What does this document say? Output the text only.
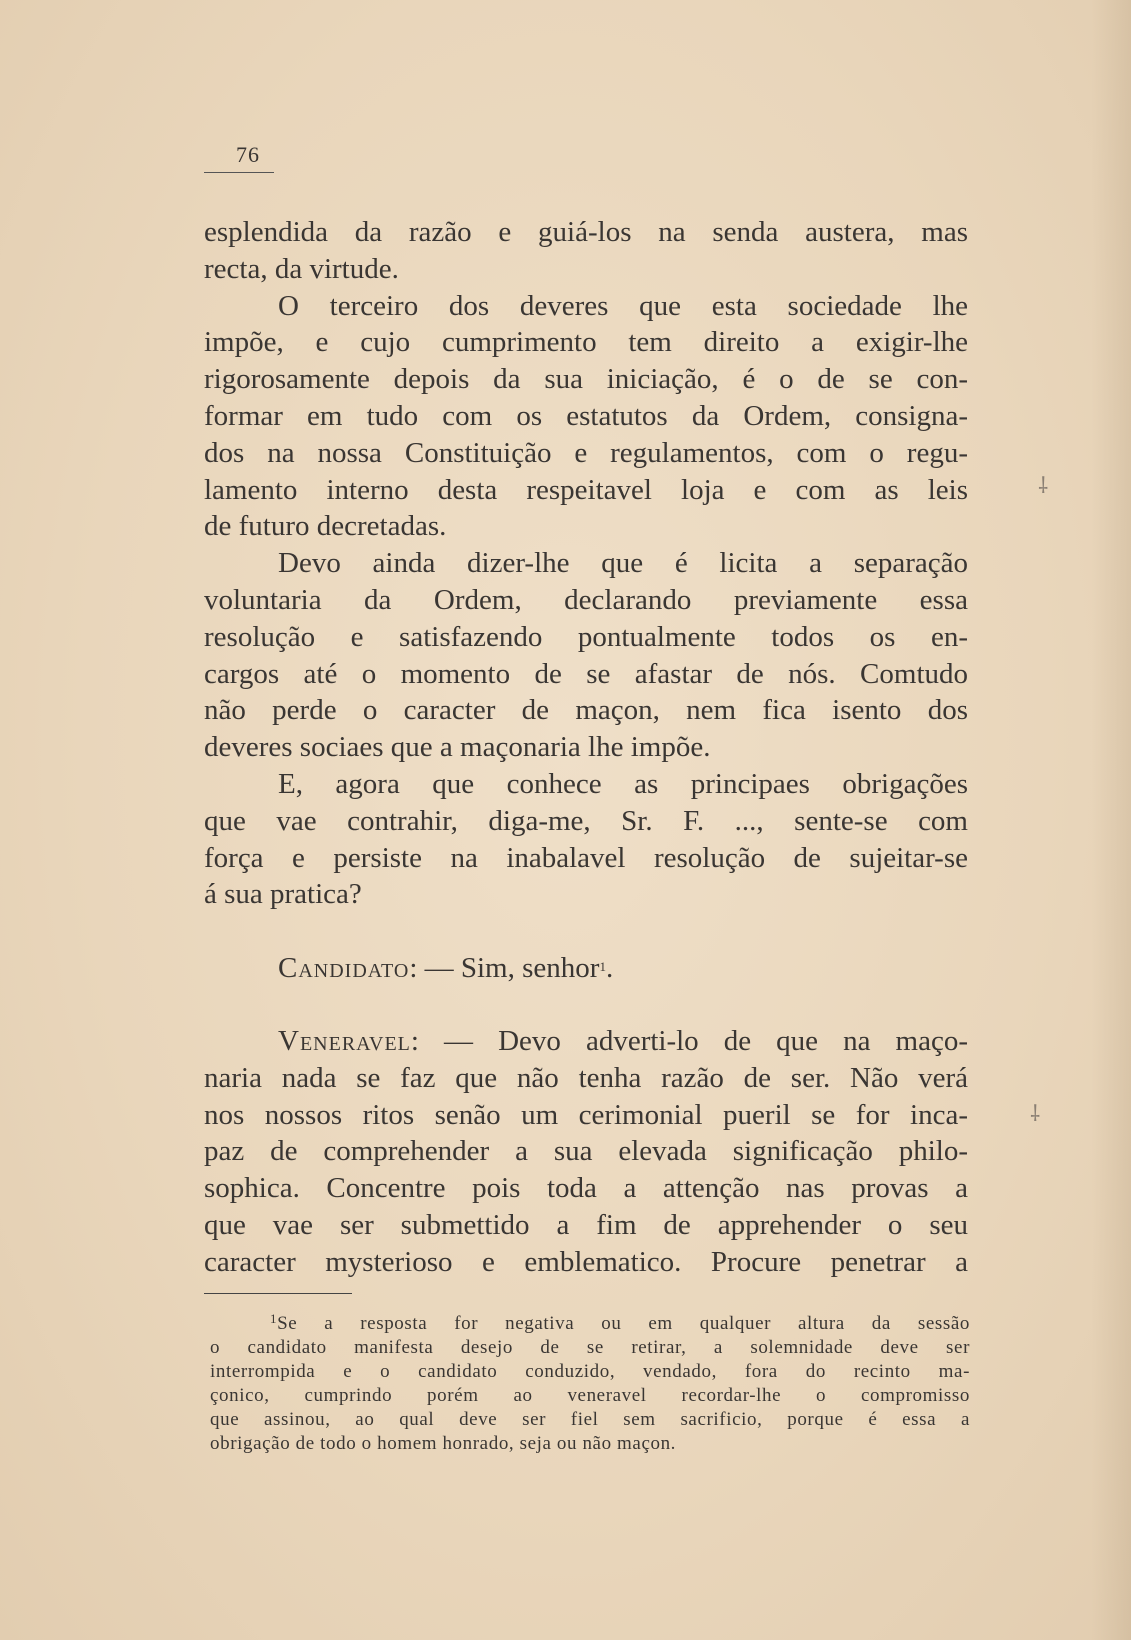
76
esplendida da razão e guiá-los na senda austera, mas
recta, da virtude.
O terceiro dos deveres que esta sociedade lhe
impõe, e cujo cumprimento tem direito a exigir-lhe
rigorosamente depois da sua iniciação, é o de se con-
formar em tudo com os estatutos da Ordem, consigna-
dos na nossa Constituição e regulamentos, com o regu-
lamento interno desta respeitavel loja e com as leis
de futuro decretadas.
Devo ainda dizer-lhe que é licita a separação
voluntaria da Ordem, declarando previamente essa
resolução e satisfazendo pontualmente todos os en-
cargos até o momento de se afastar de nós. Comtudo
não perde o caracter de maçon, nem fica isento dos
deveres sociaes que a maçonaria lhe impõe.
E, agora que conhece as principaes obrigações
que vae contrahir, diga-me, Sr. F. ..., sente-se com
força e persiste na inabalavel resolução de sujeitar-se
á sua pratica?
Candidato: — Sim, senhor$^1$.
Veneravel: — Devo adverti-lo de que na maço-
naria nada se faz que não tenha razão de ser. Não verá
nos nossos ritos senão um cerimonial pueril se for inca-
paz de comprehender a sua elevada significação philo-
sophica. Concentre pois toda a attenção nas provas a
que vae ser submettido a fim de apprehender o seu
caracter mysterioso e emblematico. Procure penetrar a
$^1$Se a resposta for negativa ou em qualquer altura da sessão
o candidato manifesta desejo de se retirar, a solemnidade deve ser
interrompida e o candidato conduzido, vendado, fora do recinto ma-
çonico, cumprindo porém ao veneravel recordar-lhe o compromisso
que assinou, ao qual deve ser fiel sem sacrificio, porque é essa a
obrigação de todo o homem honrado, seja ou não maçon.
⸸
⸸
